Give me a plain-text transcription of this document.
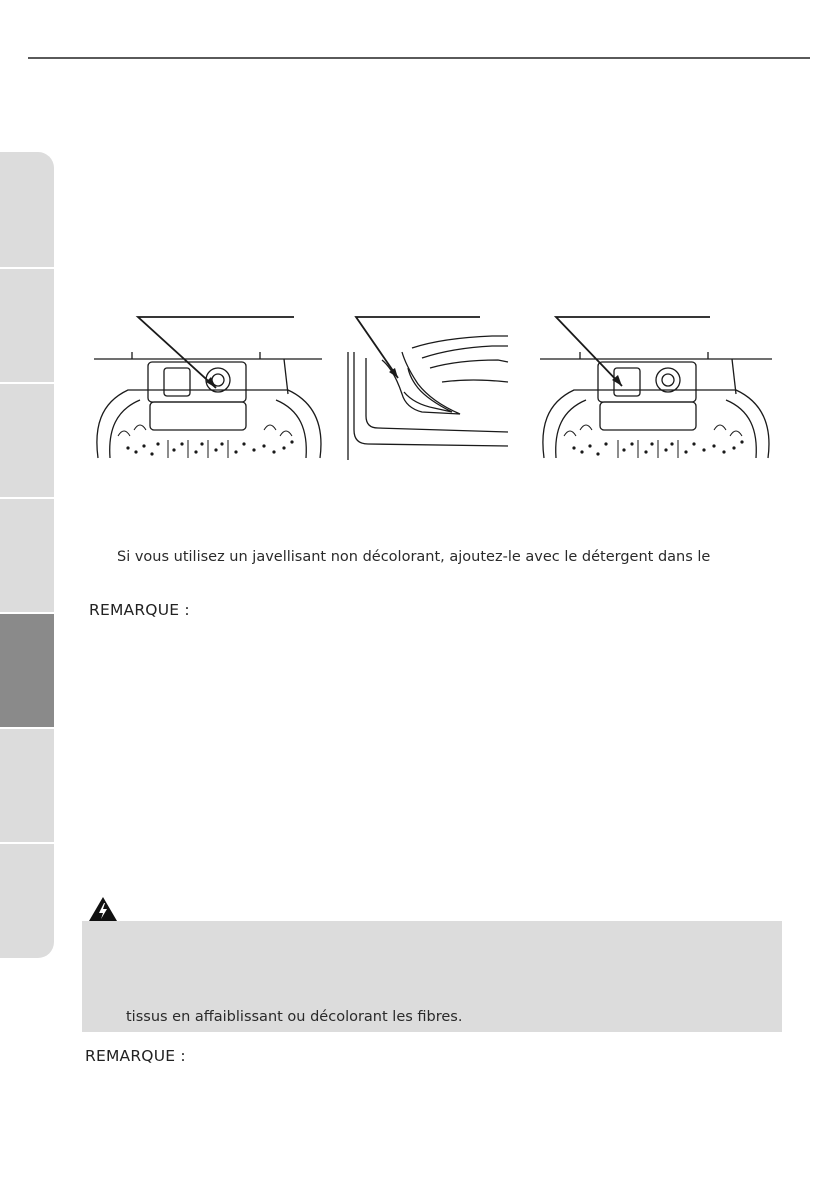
Si vous utilisez un javellisant non décolorant, ajoutez-le avec le détergent dans le
REMARQUE :
tissus en affaiblissant ou décolorant les fibres.
REMARQUE :
